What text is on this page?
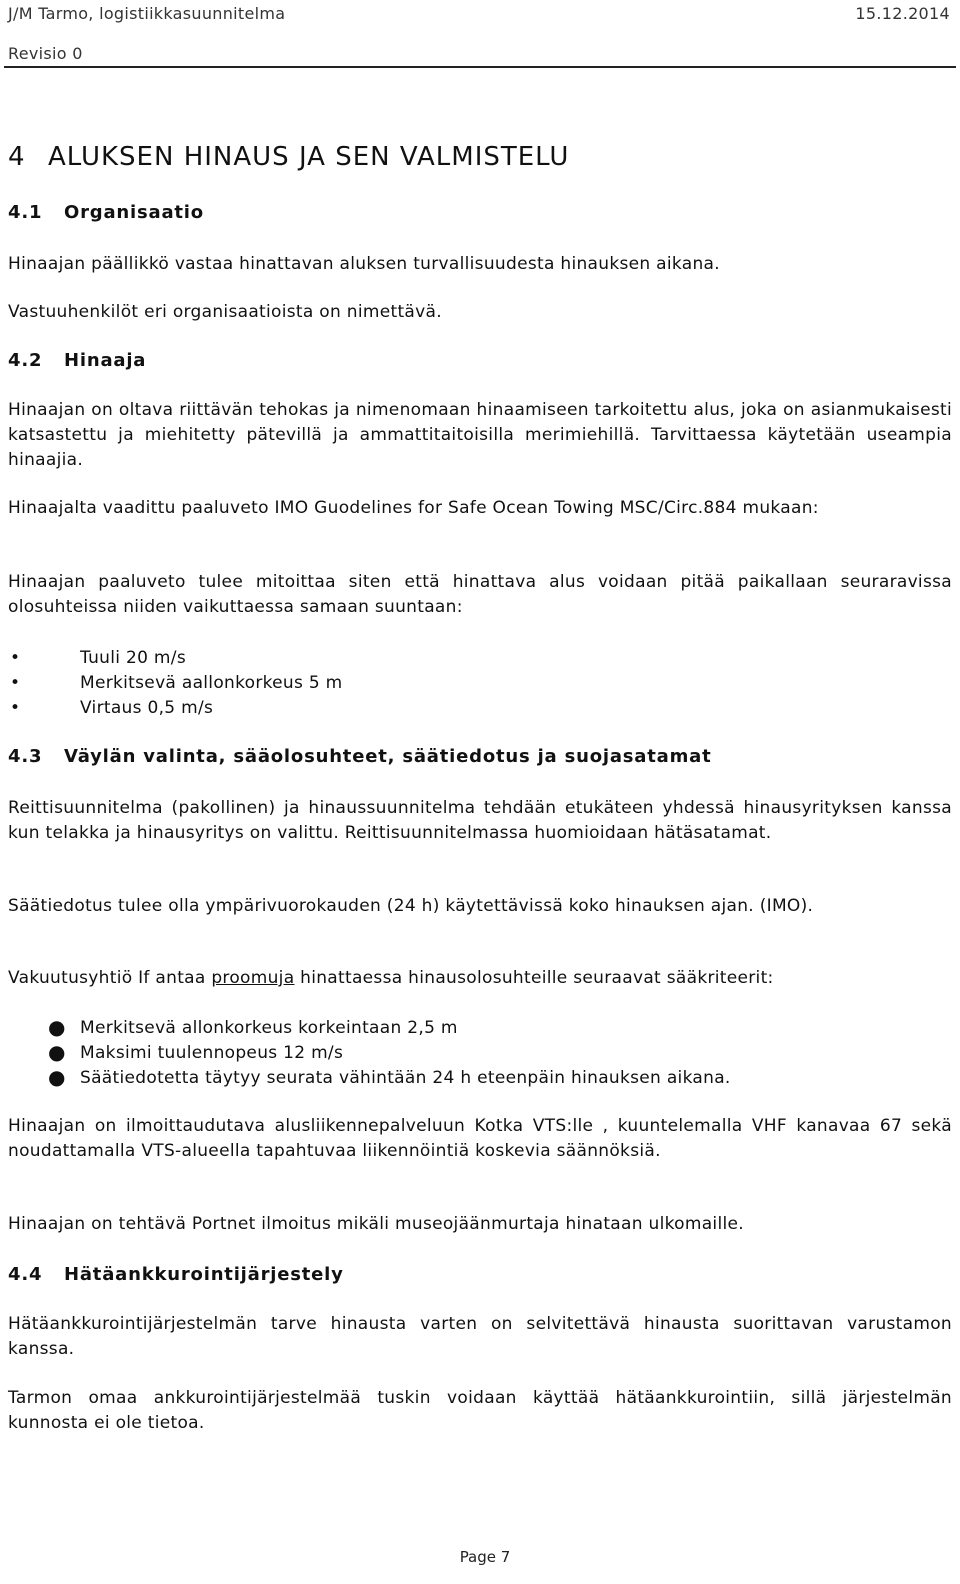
J/M Tarmo, logistiikkasuunnitelma	15.12.2014
Revisio 0
4 ALUKSEN HINAUS JA SEN VALMISTELU
4.1 Organisaatio

Hinaajan päällikkö vastaa hinattavan aluksen turvallisuudesta hinauksen aikana.

Vastuuhenkilöt eri organisaatioista on nimettävä.

4.2 Hinaaja

Hinaajan on oltava riittävän tehokas ja nimenomaan hinaamiseen tarkoitettu alus, joka on asianmukaisesti katsastettu ja miehitetty pätevillä ja ammattitaitoisilla merimiehillä. Tarvittaessa käytetään useampia hinaajia.

Hinaajalta vaadittu paaluveto IMO Guodelines for Safe Ocean Towing MSC/Circ.884 mukaan:

Hinaajan paaluveto tulee mitoittaa siten että hinattava alus voidaan pitää paikallaan seuraravissa olosuhteissa niiden vaikuttaessa samaan suuntaan:

•	Tuuli 20 m/s
•	Merkitsevä aallonkorkeus 5 m
•	Virtaus 0,5 m/s
4.3 Väylän valinta, sääolosuhteet, säätiedotus ja suojasatamat

Reittisuunnitelma (pakollinen) ja hinaussuunnitelma tehdään etukäteen yhdessä hinausyrityksen kanssa kun telakka ja hinausyritys on valittu. Reittisuunnitelmassa huomioidaan hätäsatamat.

Säätiedotus tulee olla ympärivuorokauden (24 h) käytettävissä koko hinauksen ajan. (IMO).

Vakuutusyhtiö If antaa proomuja hinattaessa hinausolosuhteille seuraavat sääkriteerit:

● Merkitsevä allonkorkeus korkeintaan 2,5 m
● Maksimi tuulennopeus 12 m/s
● Säätiedotetta täytyy seurata vähintään 24 h eteenpäin hinauksen aikana.

Hinaajan on ilmoittaudutava alusliikennepalveluun Kotka VTS:lle , kuuntelemalla VHF kanavaa 67 sekä noudattamalla VTS-alueella tapahtuvaa liikennöintiä koskevia säännöksiä.

Hinaajan on tehtävä Portnet ilmoitus mikäli museojäänmurtaja hinataan ulkomaille.

4.4 Hätäankkurointijärjestely

Hätäankkurointijärjestelmän tarve hinausta varten on selvitettävä hinausta suorittavan varustamon kanssa.

Tarmon omaa ankkurointijärjestelmää tuskin voidaan käyttää hätäankkurointiin, sillä järjestelmän kunnosta ei ole tietoa.

Page 7
